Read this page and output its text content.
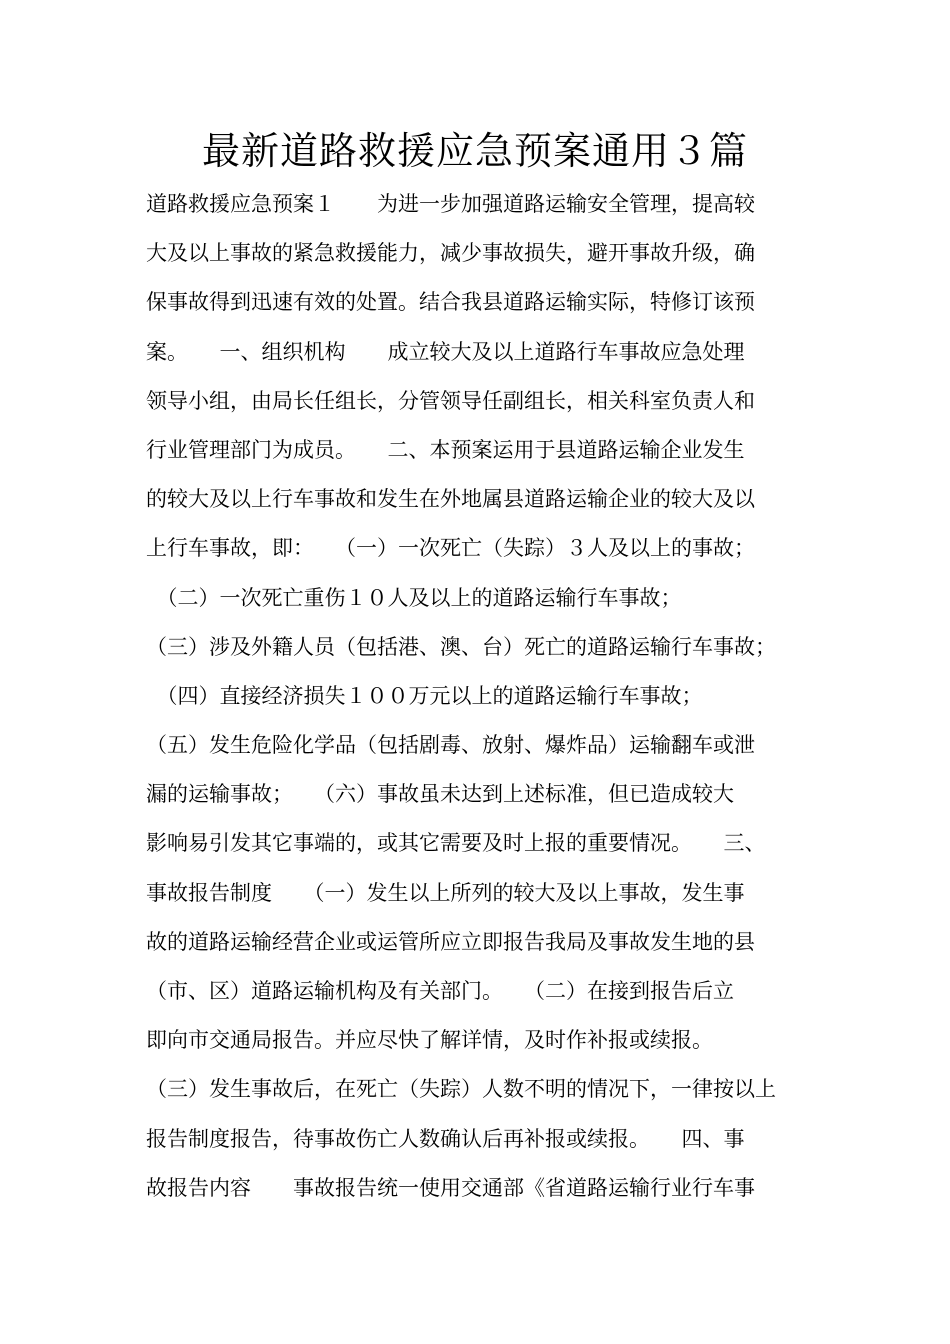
最新道路救援应急预案通用３篇
道路救援应急预案１　　为进一步加强道路运输安全管理，提高较
大及以上事故的紧急救援能力，减少事故损失，避开事故升级，确
保事故得到迅速有效的处置。结合我县道路运输实际，特修订该预
案。　　一、组织机构　　成立较大及以上道路行车事故应急处理
领导小组，由局长任组长，分管领导任副组长，相关科室负责人和
行业管理部门为成员。　　二、本预案运用于县道路运输企业发生
的较大及以上行车事故和发生在外地属县道路运输企业的较大及以
上行车事故，即：　　（一）一次死亡（失踪）３人及以上的事故；
　（二）一次死亡重伤１０人及以上的道路运输行车事故；
（三）涉及外籍人员（包括港、澳、台）死亡的道路运输行车事故；
　（四）直接经济损失１００万元以上的道路运输行车事故；
（五）发生危险化学品（包括剧毒、放射、爆炸品）运输翻车或泄
漏的运输事故；　　（六）事故虽未达到上述标准，但已造成较大
影响易引发其它事端的，或其它需要及时上报的重要情况。　　三、
事故报告制度　　（一）发生以上所列的较大及以上事故，发生事
故的道路运输经营企业或运管所应立即报告我局及事故发生地的县
（市、区）道路运输机构及有关部门。　　（二）在接到报告后立
即向市交通局报告。并应尽快了解详情，及时作补报或续报。
（三）发生事故后，在死亡（失踪）人数不明的情况下，一律按以上
报告制度报告，待事故伤亡人数确认后再补报或续报。　　四、事
故报告内容　　事故报告统一使用交通部《省道路运输行业行车事
